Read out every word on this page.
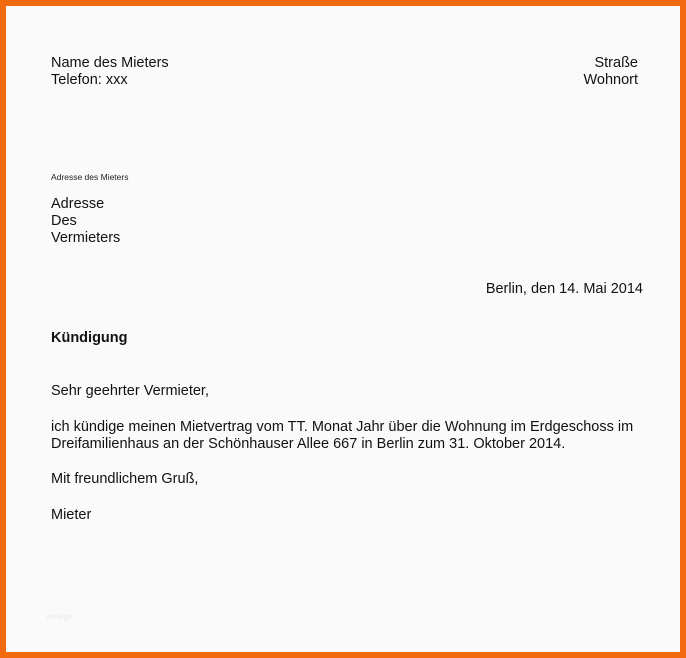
Name des Mieters
Telefon: xxx
Straße
Wohnort
Adresse des Mieters
Adresse
Des
Vermieters
Berlin, den 14. Mai 2014
Kündigung
Sehr geehrter Vermieter,
ich kündige meinen Mietvertrag vom TT. Monat Jahr über die Wohnung im Erdgeschoss im
Dreifamilienhaus an der Schönhauser Allee 667 in Berlin zum 31. Oktober 2014.
Mit freundlichem Gruß,
Mieter
vorlage
